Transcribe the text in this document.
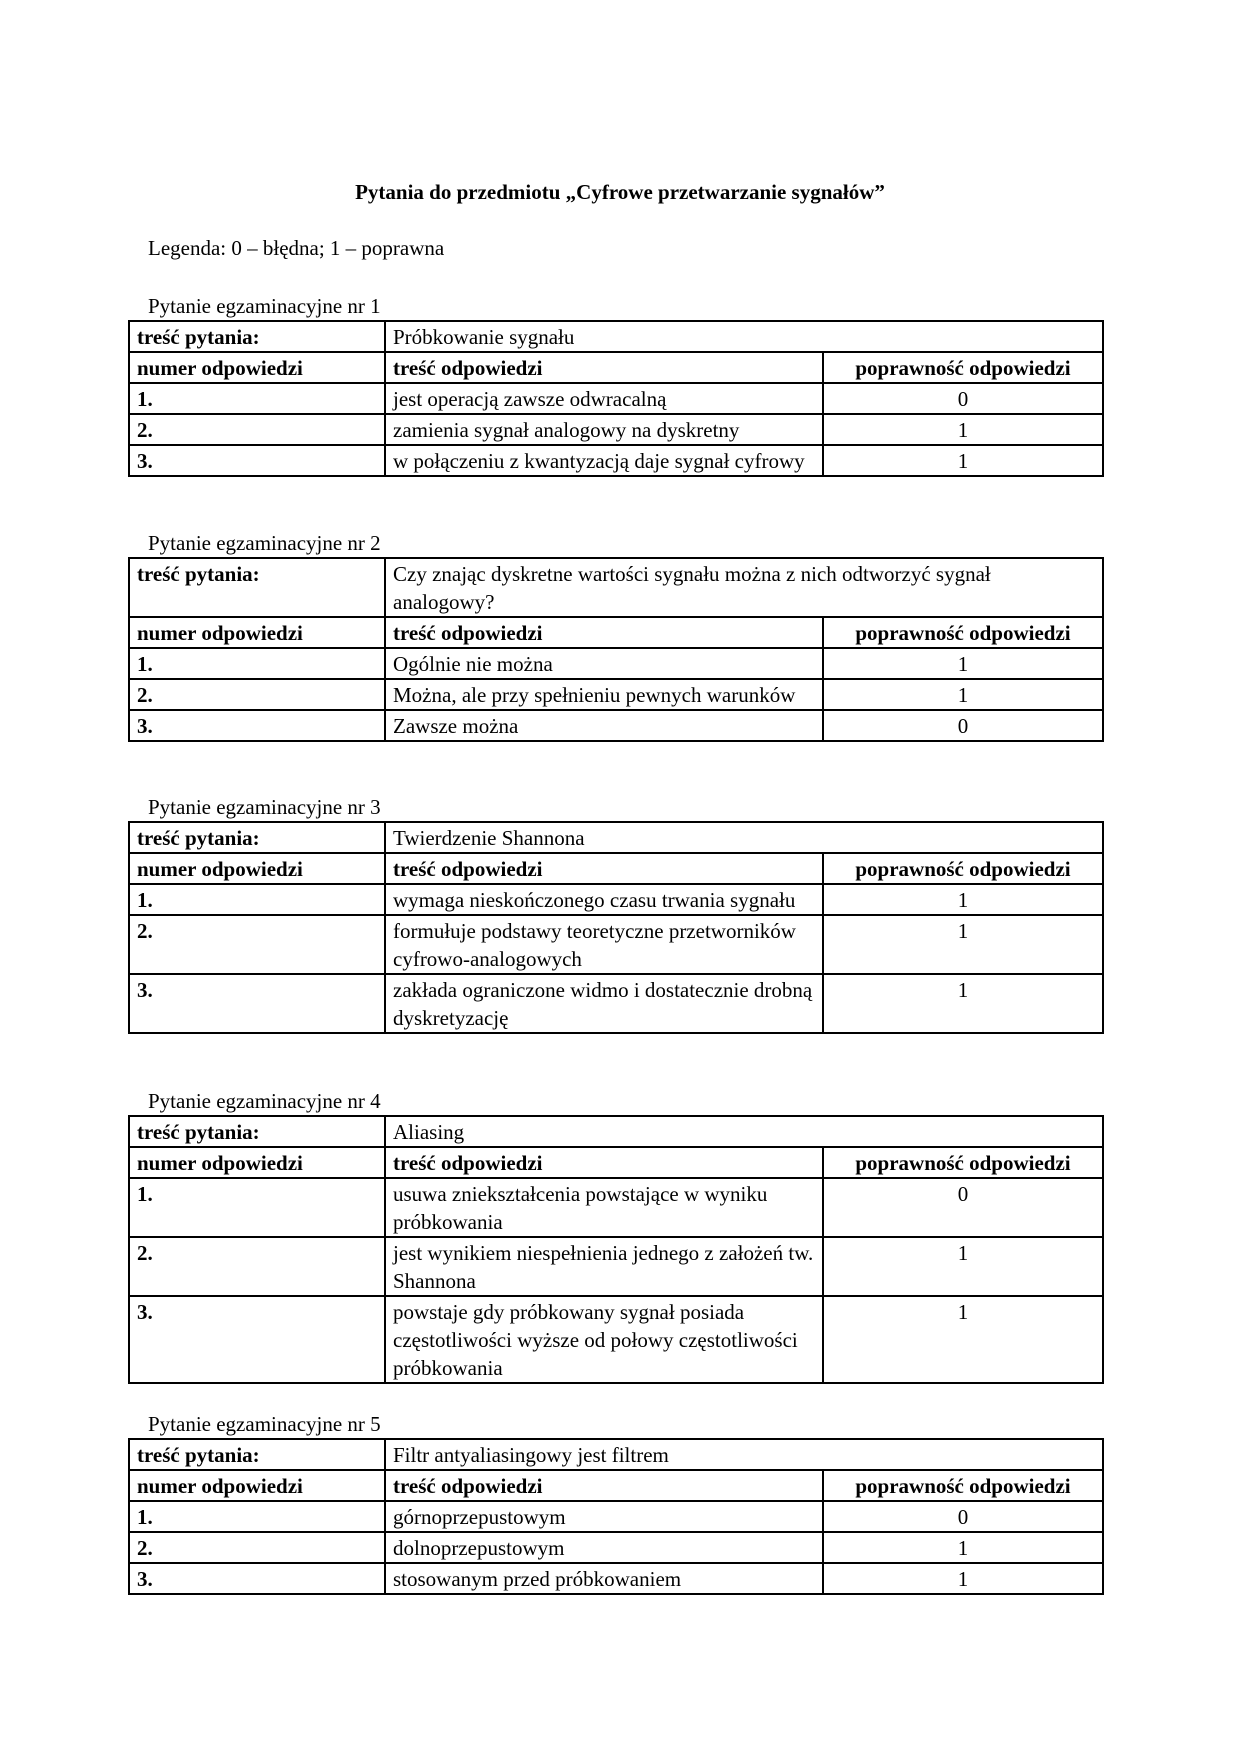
Pytania do przedmiotu „Cyfrowe przetwarzanie sygnałów”
Legenda: 0 – błędna; 1 – poprawna
Pytanie egzaminacyjne nr 1
treść pytania:	Próbkowanie sygnału	
numer odpowiedzi	treść odpowiedzi	poprawność odpowiedzi
1.	jest operacją zawsze odwracalną	0
2.	zamienia sygnał analogowy na dyskretny	1
3.	w połączeniu z kwantyzacją daje sygnał cyfrowy	1
Pytanie egzaminacyjne nr 2
treść pytania:	Czy znając dyskretne wartości sygnału można z nich odtworzyć sygnał analogowy?	
numer odpowiedzi	treść odpowiedzi	poprawność odpowiedzi
1.	Ogólnie nie można	1
2.	Można, ale przy spełnieniu pewnych warunków	1
3.	Zawsze można	0
Pytanie egzaminacyjne nr 3
treść pytania:	Twierdzenie Shannona	
numer odpowiedzi	treść odpowiedzi	poprawność odpowiedzi
1.	wymaga nieskończonego czasu trwania sygnału	1
2.	formułuje podstawy teoretyczne przetworników cyfrowo-analogowych	1
3.	zakłada ograniczone widmo i dostatecznie drobną dyskretyzację	1
Pytanie egzaminacyjne nr 4
treść pytania:	Aliasing	
numer odpowiedzi	treść odpowiedzi	poprawność odpowiedzi
1.	usuwa zniekształcenia powstające w wyniku próbkowania	0
2.	jest wynikiem niespełnienia jednego z założeń tw. Shannona	1
3.	powstaje gdy próbkowany sygnał posiada częstotliwości wyższe od połowy częstotliwości próbkowania	1
Pytanie egzaminacyjne nr 5
treść pytania:	Filtr antyaliasingowy jest filtrem	
numer odpowiedzi	treść odpowiedzi	poprawność odpowiedzi
1.	górnoprzepustowym	0
2.	dolnoprzepustowym	1
3.	stosowanym przed próbkowaniem	1
